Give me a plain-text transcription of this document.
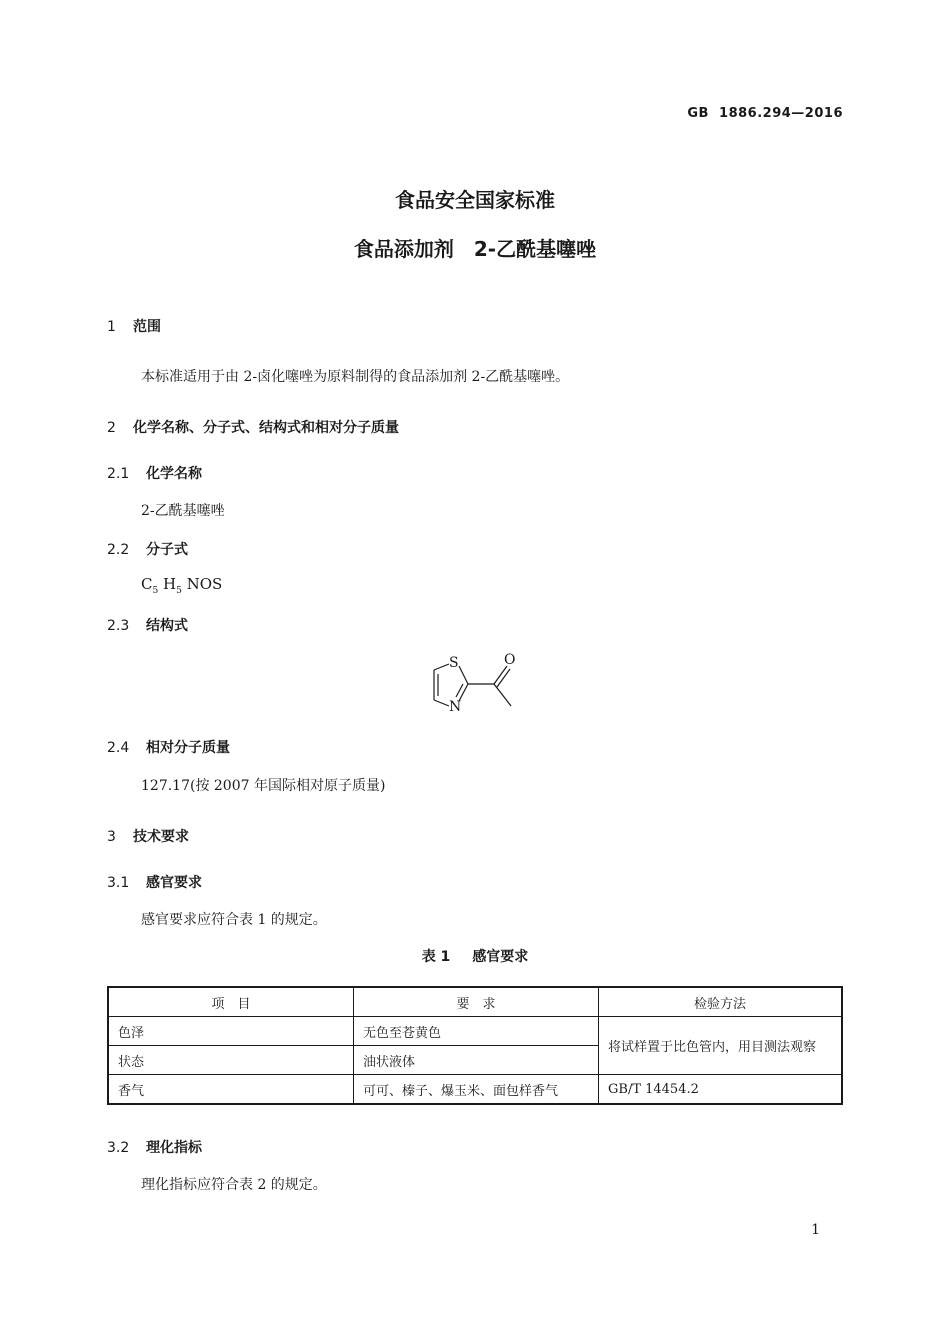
GB 1886.294—2016
食品安全国家标准
食品添加剂　2-乙酰基噻唑
1 范围
本标准适用于由 2-卤化噻唑为原料制得的食品添加剂 2-乙酰基噻唑。
2 化学名称、分子式、结构式和相对分子质量
2.1 化学名称
2-乙酰基噻唑
2.2 分子式
$C_5$ $H_5$ NOS
2.3 结构式
S
N
O
2.4 相对分子质量
127.17(按 2007 年国际相对原子质量)
3 技术要求
3.1 感官要求
感官要求应符合表 1 的规定。
表 1 感官要求
项　目	要　求	检验方法
色泽	无色至苍黄色	将试样置于比色管内，用目测法观察
状态	油状液体	
香气	可可、榛子、爆玉米、面包样香气	GB/T 14454.2
3.2 理化指标
理化指标应符合表 2 的规定。
1
